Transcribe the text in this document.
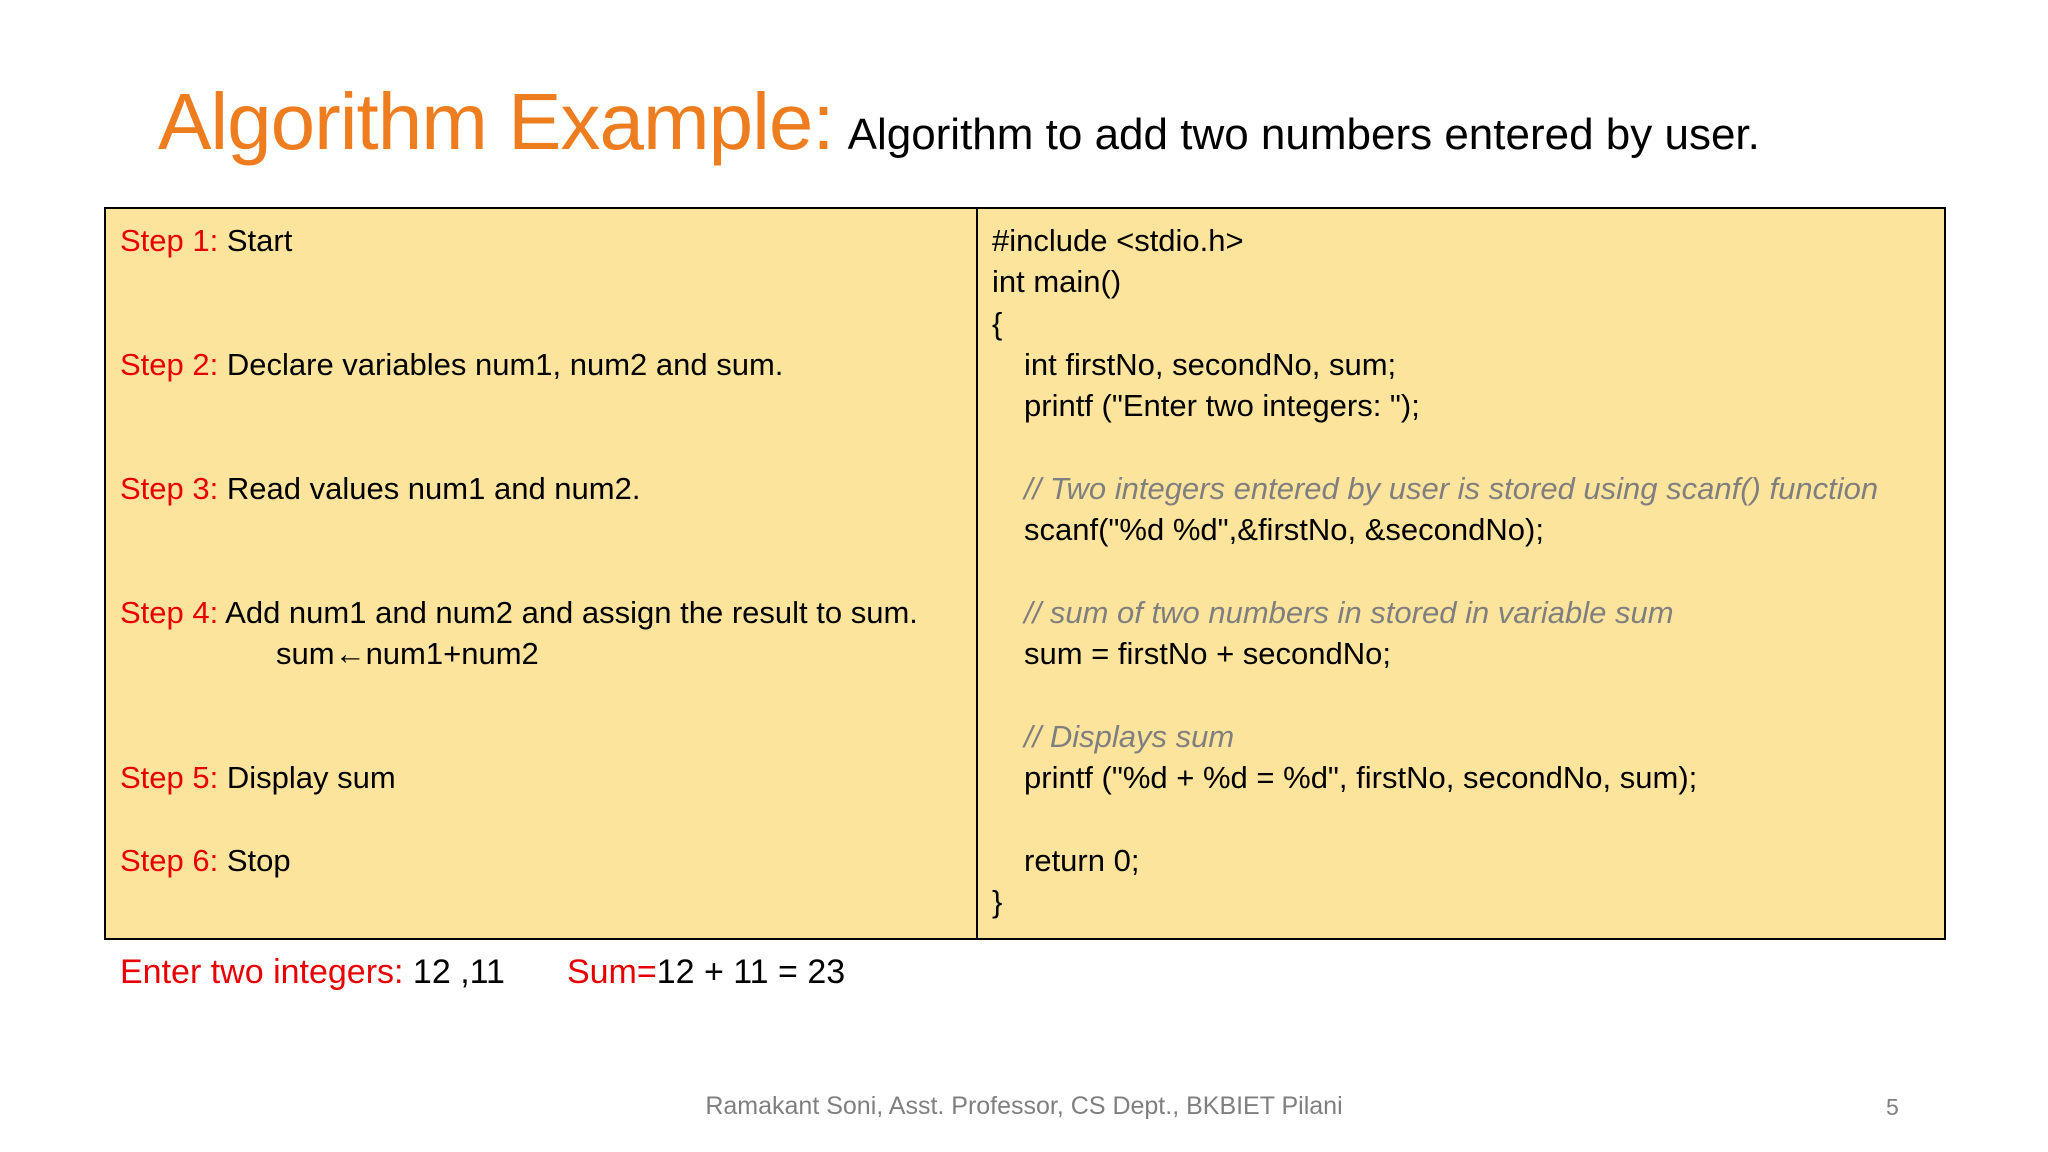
Algorithm Example: Algorithm to add two numbers entered by user.
Step 1: Start
Step 2: Declare variables num1, num2 and sum.
Step 3: Read values num1 and num2.
Step 4: Add num1 and num2 and assign the result to sum.
sum←num1+num2
Step 5: Display sum
Step 6: Stop
#include <stdio.h>
int main()
{
int firstNo, secondNo, sum;
printf ("Enter two integers: ");
// Two integers entered by user is stored using scanf() function
scanf("%d %d",&firstNo, &secondNo);
// sum of two numbers in stored in variable sum
sum = firstNo + secondNo;
// Displays sum
printf ("%d + %d = %d", firstNo, secondNo, sum);
return 0;
}
Enter two integers: 12 ,11 Sum=12 + 11 = 23
Ramakant Soni, Asst. Professor, CS Dept., BKBIET Pilani	5
